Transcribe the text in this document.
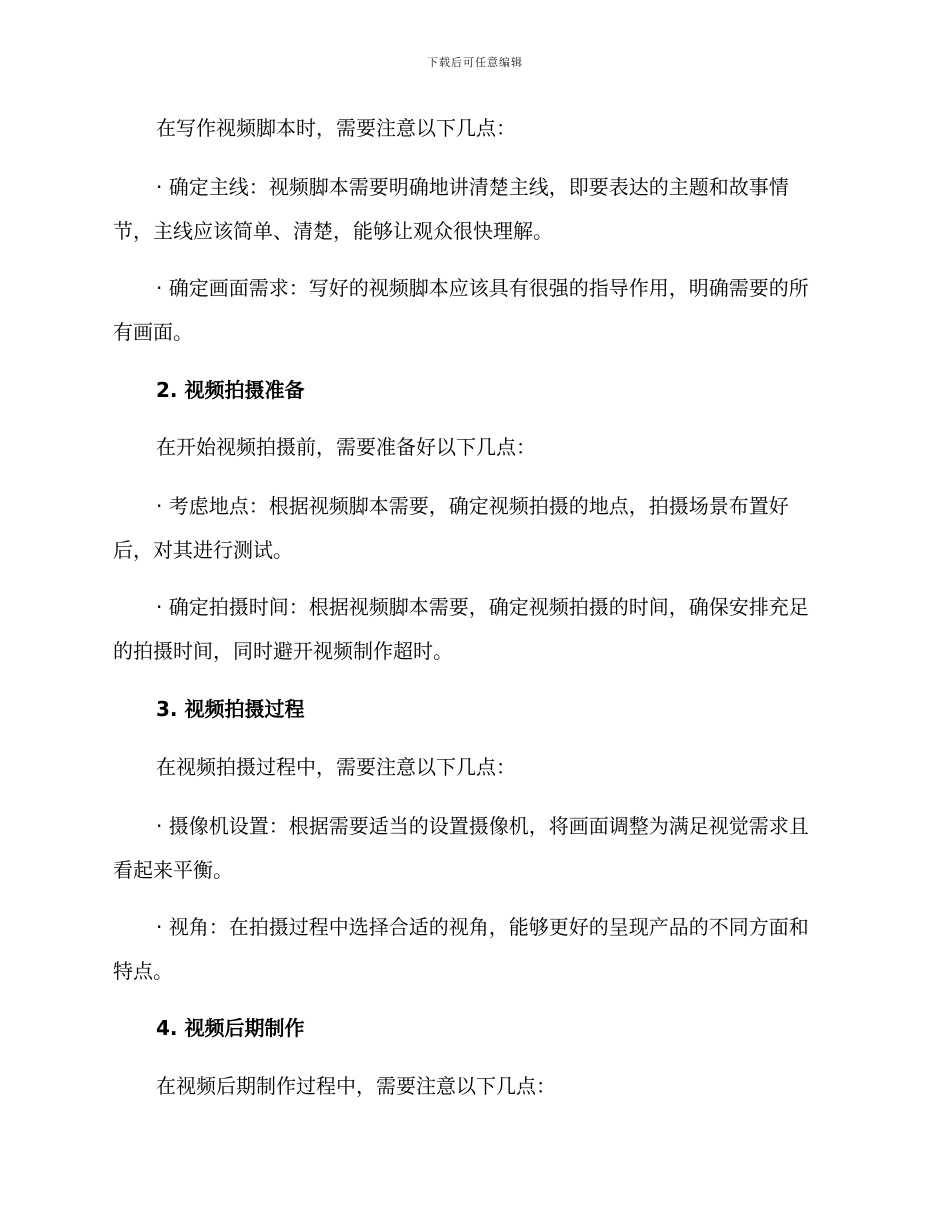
下载后可任意编辑

在写作视频脚本时，需要注意以下几点：

· 确定主线：视频脚本需要明确地讲清楚主线，即要表达的主题和故事情节，主线应该简单、清楚，能够让观众很快理解。

· 确定画面需求：写好的视频脚本应该具有很强的指导作用，明确需要的所有画面。

2. 视频拍摄准备

在开始视频拍摄前，需要准备好以下几点：

· 考虑地点：根据视频脚本需要，确定视频拍摄的地点，拍摄场景布置好后，对其进行测试。

· 确定拍摄时间：根据视频脚本需要，确定视频拍摄的时间，确保安排充足的拍摄时间，同时避开视频制作超时。

3. 视频拍摄过程

在视频拍摄过程中，需要注意以下几点：

· 摄像机设置：根据需要适当的设置摄像机，将画面调整为满足视觉需求且看起来平衡。

· 视角：在拍摄过程中选择合适的视角，能够更好的呈现产品的不同方面和特点。

4. 视频后期制作

在视频后期制作过程中，需要注意以下几点：
